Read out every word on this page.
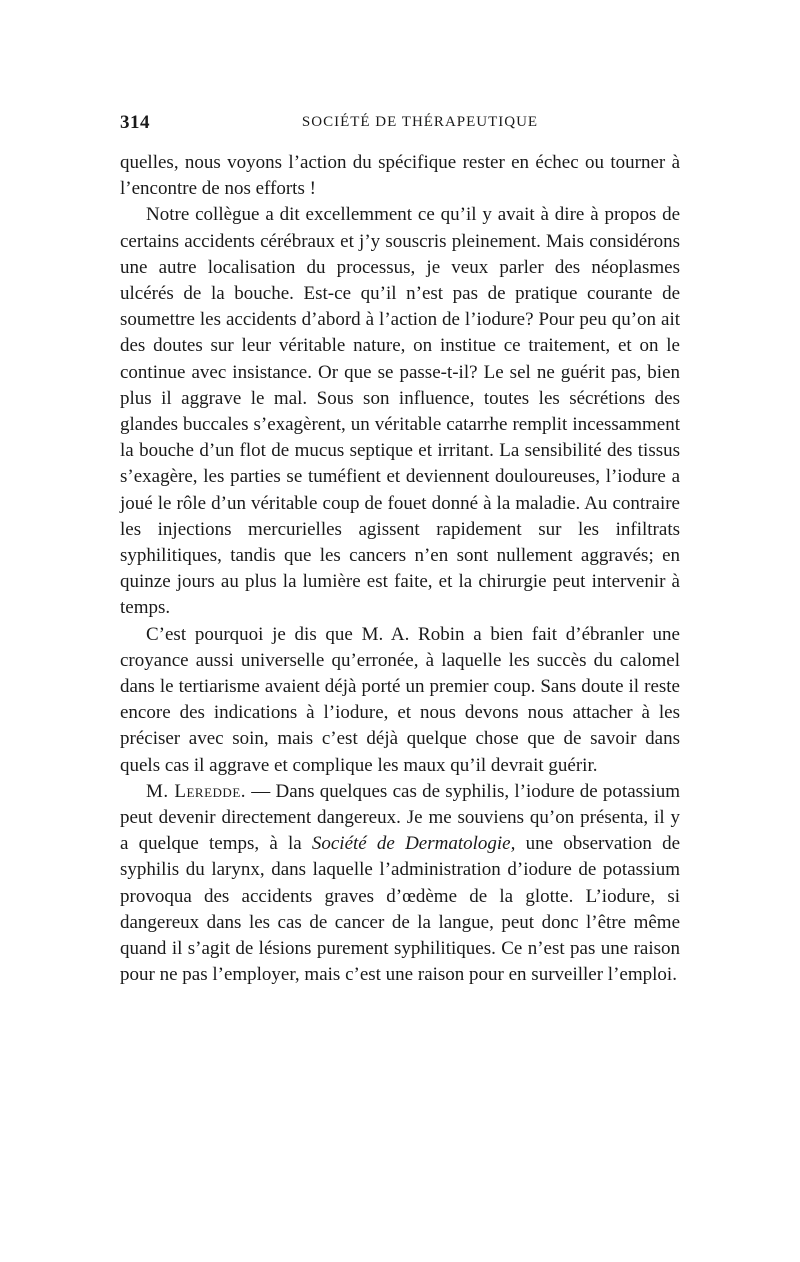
314	SOCIÉTÉ DE THÉRAPEUTIQUE

quelles, nous voyons l’action du spécifique rester en échec ou tourner à l’encontre de nos efforts !

Notre collègue a dit excellemment ce qu’il y avait à dire à propos de certains accidents cérébraux et j’y souscris pleinement. Mais considérons une autre localisation du processus, je veux parler des néoplasmes ulcérés de la bouche. Est-ce qu’il n’est pas de pratique courante de soumettre les accidents d’abord à l’action de l’iodure? Pour peu qu’on ait des doutes sur leur véritable nature, on institue ce traitement, et on le continue avec insistance. Or que se passe-t-il? Le sel ne guérit pas, bien plus il aggrave le mal. Sous son influence, toutes les sécrétions des glandes buccales s’exagèrent, un véritable catarrhe remplit incessamment la bouche d’un flot de mucus septique et irritant. La sensibilité des tissus s’exagère, les parties se tuméfient et deviennent douloureuses, l’iodure a joué le rôle d’un véritable coup de fouet donné à la maladie. Au contraire les injections mercurielles agissent rapidement sur les infiltrats syphilitiques, tandis que les cancers n’en sont nullement aggravés; en quinze jours au plus la lumière est faite, et la chirurgie peut intervenir à temps.

C’est pourquoi je dis que M. A. Robin a bien fait d’ébranler une croyance aussi universelle qu’erronée, à laquelle les succès du calomel dans le tertiarisme avaient déjà porté un premier coup. Sans doute il reste encore des indications à l’iodure, et nous devons nous attacher à les préciser avec soin, mais c’est déjà quelque chose que de savoir dans quels cas il aggrave et complique les maux qu’il devrait guérir.

M. Leredde. — Dans quelques cas de syphilis, l’iodure de potassium peut devenir directement dangereux. Je me souviens qu’on présenta, il y a quelque temps, à la Société de Dermatologie, une observation de syphilis du larynx, dans laquelle l’administration d’iodure de potassium provoqua des accidents graves d’œdème de la glotte. L’iodure, si dangereux dans les cas de cancer de la langue, peut donc l’être même quand il s’agit de lésions purement syphilitiques. Ce n’est pas une raison pour ne pas l’employer, mais c’est une raison pour en surveiller l’emploi.
